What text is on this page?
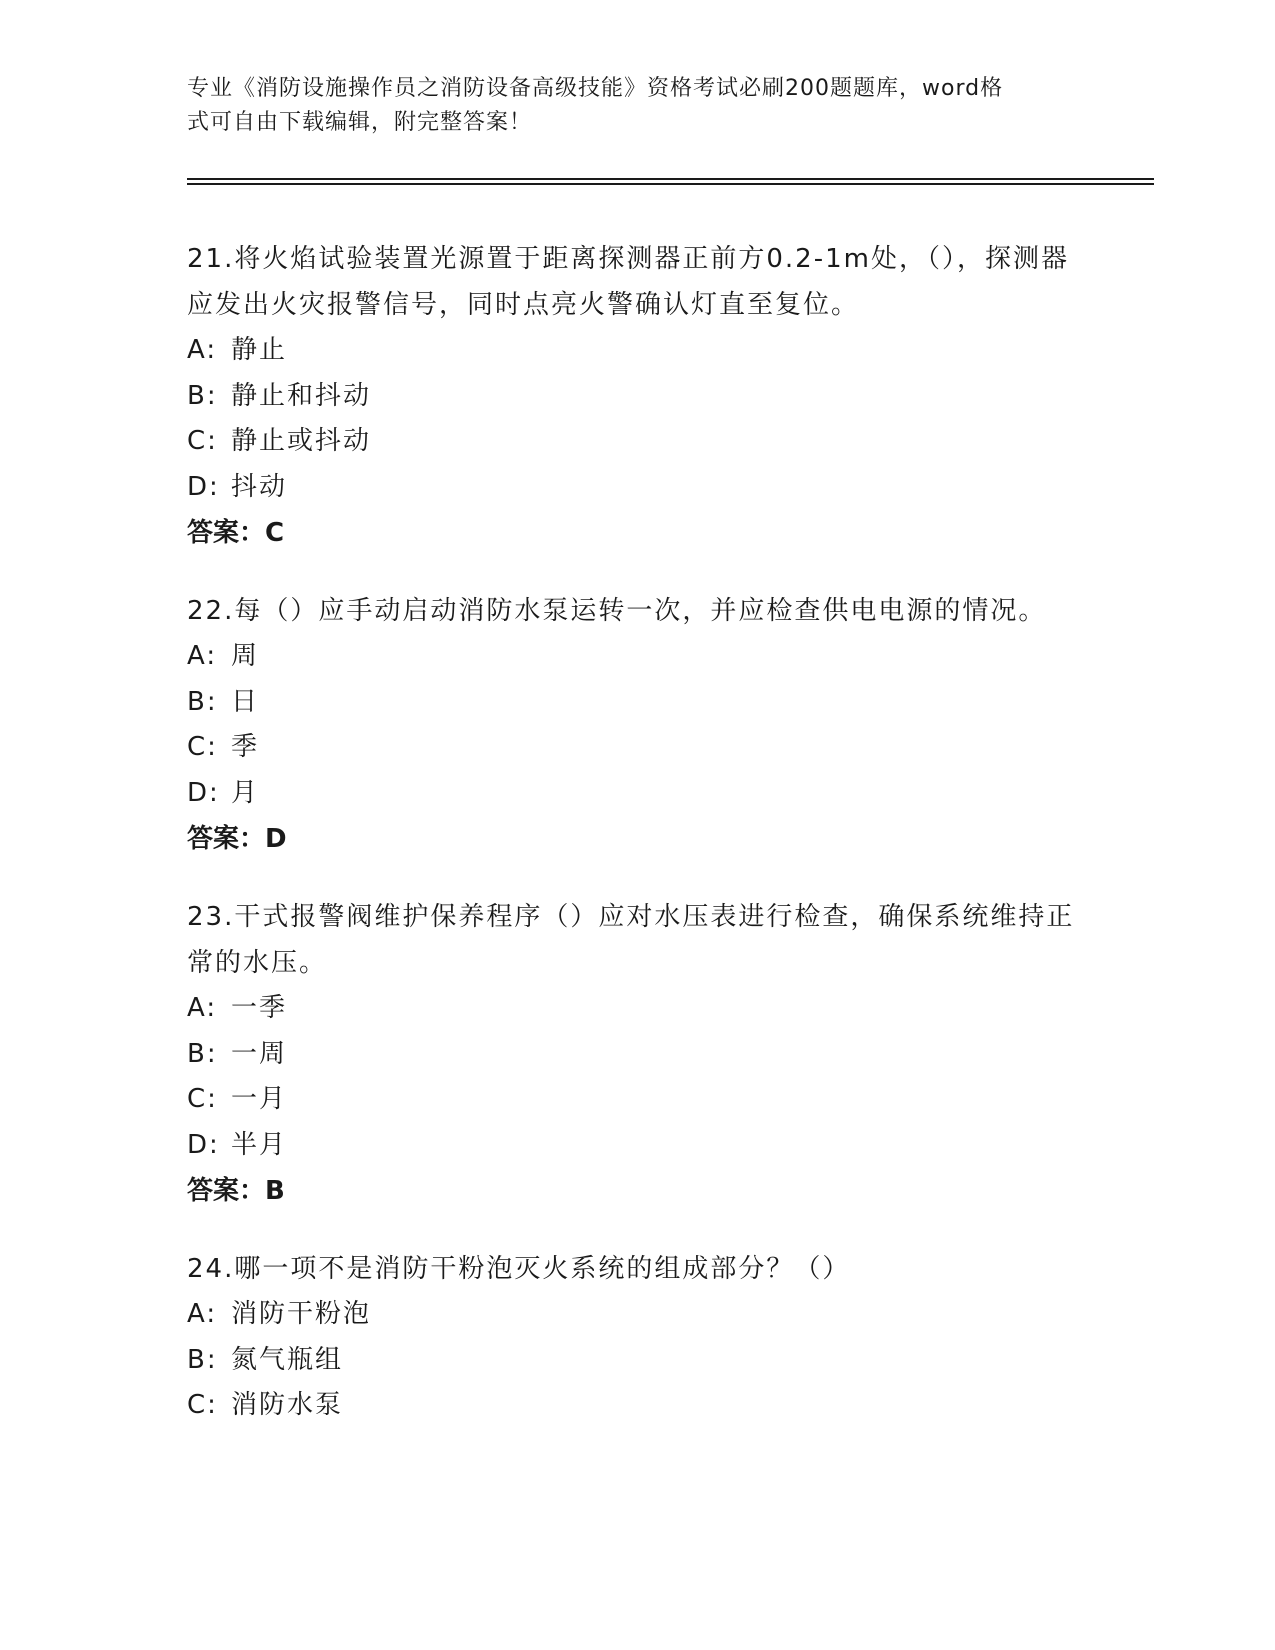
专业《消防设施操作员之消防设备高级技能》资格考试必刷200题题库，word格
式可自由下载编辑，附完整答案！
21.将火焰试验装置光源置于距离探测器正前方0.2-1m处，（），探测器应发出火灾报警信号，同时点亮火警确认灯直至复位。
A: 静止
B: 静止和抖动
C: 静止或抖动
D: 抖动
答案：C
22.每（）应手动启动消防水泵运转一次，并应检查供电电源的情况。
A: 周
B: 日
C: 季
D: 月
答案：D
23.干式报警阀维护保养程序（）应对水压表进行检查，确保系统维持正常的水压。
A: 一季
B: 一周
C: 一月
D: 半月
答案：B
24.哪一项不是消防干粉泡灭火系统的组成部分？（）
A: 消防干粉泡
B: 氮气瓶组
C: 消防水泵
